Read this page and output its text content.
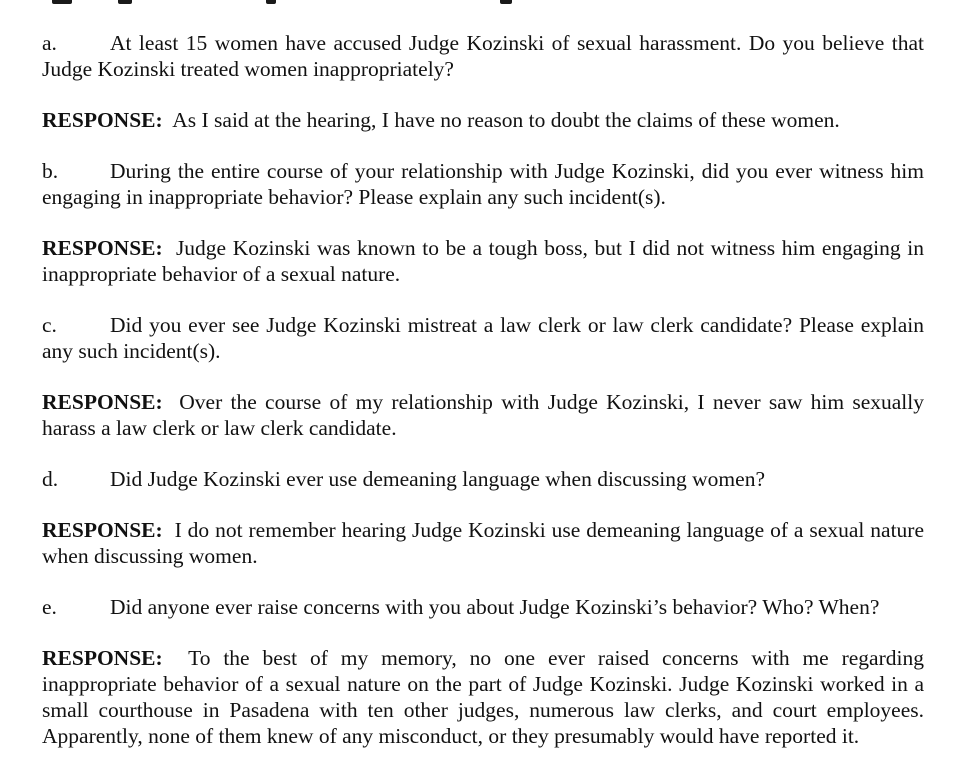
a. At least 15 women have accused Judge Kozinski of sexual harassment. Do you believe that Judge Kozinski treated women inappropriately?

RESPONSE: As I said at the hearing, I have no reason to doubt the claims of these women.

b. During the entire course of your relationship with Judge Kozinski, did you ever witness him engaging in inappropriate behavior? Please explain any such incident(s).

RESPONSE: Judge Kozinski was known to be a tough boss, but I did not witness him engaging in inappropriate behavior of a sexual nature.

c. Did you ever see Judge Kozinski mistreat a law clerk or law clerk candidate? Please explain any such incident(s).

RESPONSE: Over the course of my relationship with Judge Kozinski, I never saw him sexually harass a law clerk or law clerk candidate.

d. Did Judge Kozinski ever use demeaning language when discussing women?

RESPONSE: I do not remember hearing Judge Kozinski use demeaning language of a sexual nature when discussing women.

e. Did anyone ever raise concerns with you about Judge Kozinski’s behavior? Who? When?

RESPONSE: To the best of my memory, no one ever raised concerns with me regarding inappropriate behavior of a sexual nature on the part of Judge Kozinski. Judge Kozinski worked in a small courthouse in Pasadena with ten other judges, numerous law clerks, and court employees. Apparently, none of them knew of any misconduct, or they presumably would have reported it.
